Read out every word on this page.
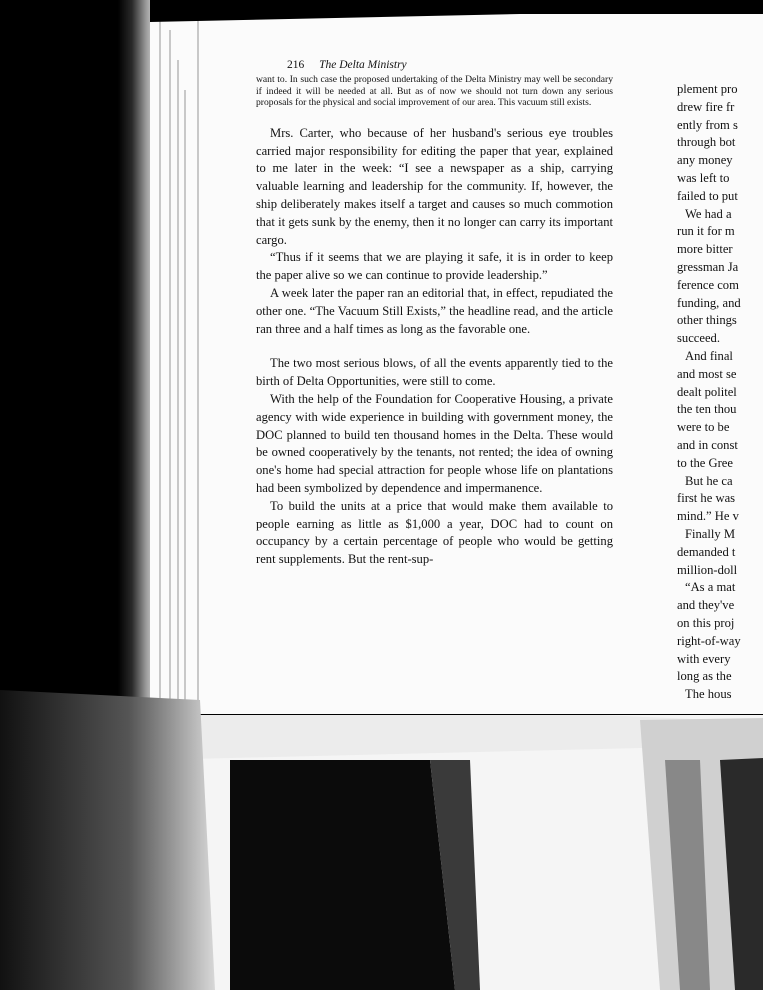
216 The Delta Ministry

want to. In such case the proposed undertaking of the Delta Ministry may well be secondary if indeed it will be needed at all. But as of now we should not turn down any serious proposals for the physical and social improvement of our area. This vacuum still exists.

Mrs. Carter, who because of her husband's serious eye troubles carried major responsibility for editing the paper that year, explained to me later in the week: “I see a newspaper as a ship, carrying valuable learning and leadership for the community. If, however, the ship deliberately makes itself a target and causes so much commotion that it gets sunk by the enemy, then it no longer can carry its important cargo.

“Thus if it seems that we are playing it safe, it is in order to keep the paper alive so we can continue to provide leadership.”

A week later the paper ran an editorial that, in effect, repudiated the other one. “The Vacuum Still Exists,” the headline read, and the article ran three and a half times as long as the favorable one.

The two most serious blows, of all the events apparently tied to the birth of Delta Opportunities, were still to come.

With the help of the Foundation for Cooperative Housing, a private agency with wide experience in building with government money, the DOC planned to build ten thousand homes in the Delta. These would be owned cooperatively by the tenants, not rented; the idea of owning one's home had special attraction for people whose life on plantations had been symbolized by dependence and impermanence.

To build the units at a price that would make them available to people earning as little as $1,000 a year, DOC had to count on occupancy by a certain percentage of people who would be getting rent supplements. But the rent-sup-

plement pro
drew fire fr
ently from s
through bot
any money
was left to
failed to put
We had a
run it for m
more bitter
gressman Ja
ference com
funding, and
other things
succeed.
And final
and most se
dealt politel
the ten thou
were to be
and in const
to the Gree
But he ca
first he was
mind.” He v
Finally M
demanded t
million-doll
“As a mat
and they've
on this proj
right-of-way
with every
long as the
The hous
